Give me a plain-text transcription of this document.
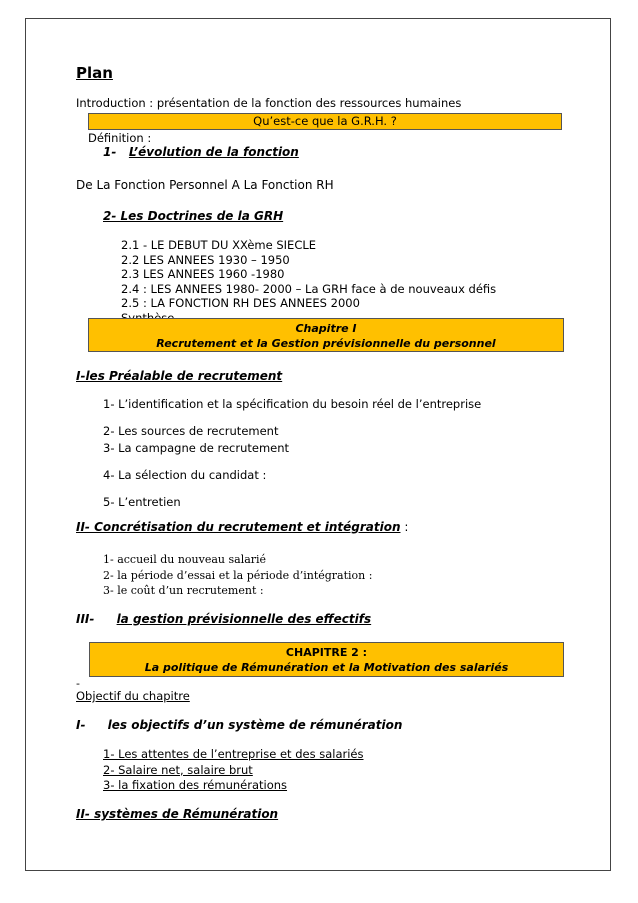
Plan
Introduction : présentation de la fonction des ressources humaines
Qu’est-ce que la G.R.H. ?
Définition :
1- L’évolution de la fonction
De La Fonction Personnel A La Fonction RH
2- Les Doctrines de la GRH
2.1 - LE DEBUT DU XXème SIECLE
2.2 LES ANNEES 1930 – 1950
2.3 LES ANNEES 1960 -1980
2.4 : LES ANNEES 1980- 2000 – La GRH face à de nouveaux défis
2.5 : LA FONCTION RH DES ANNEES 2000
Chapitre I
Recrutement et la Gestion prévisionnelle du personnel
I-les Préalable de recrutement
1- L’identification et la spécification du besoin réel de l’entreprise
2- Les sources de recrutement
3- La campagne de recrutement
4- La sélection du candidat :
5- L’entretien
II- Concrétisation du recrutement et intégration :
1- accueil du nouveau salarié
2- la période d’essai et la période d’intégration :
3- le coût d’un recrutement :
III- la gestion prévisionnelle des effectifs
CHAPITRE 2 :
La politique de Rémunération et la Motivation des salariés
-
Objectif du chapitre
I- les objectifs d’un système de rémunération
1- Les attentes de l’entreprise et des salariés
2- Salaire net, salaire brut
3- la fixation des rémunérations
II- systèmes de Rémunération
